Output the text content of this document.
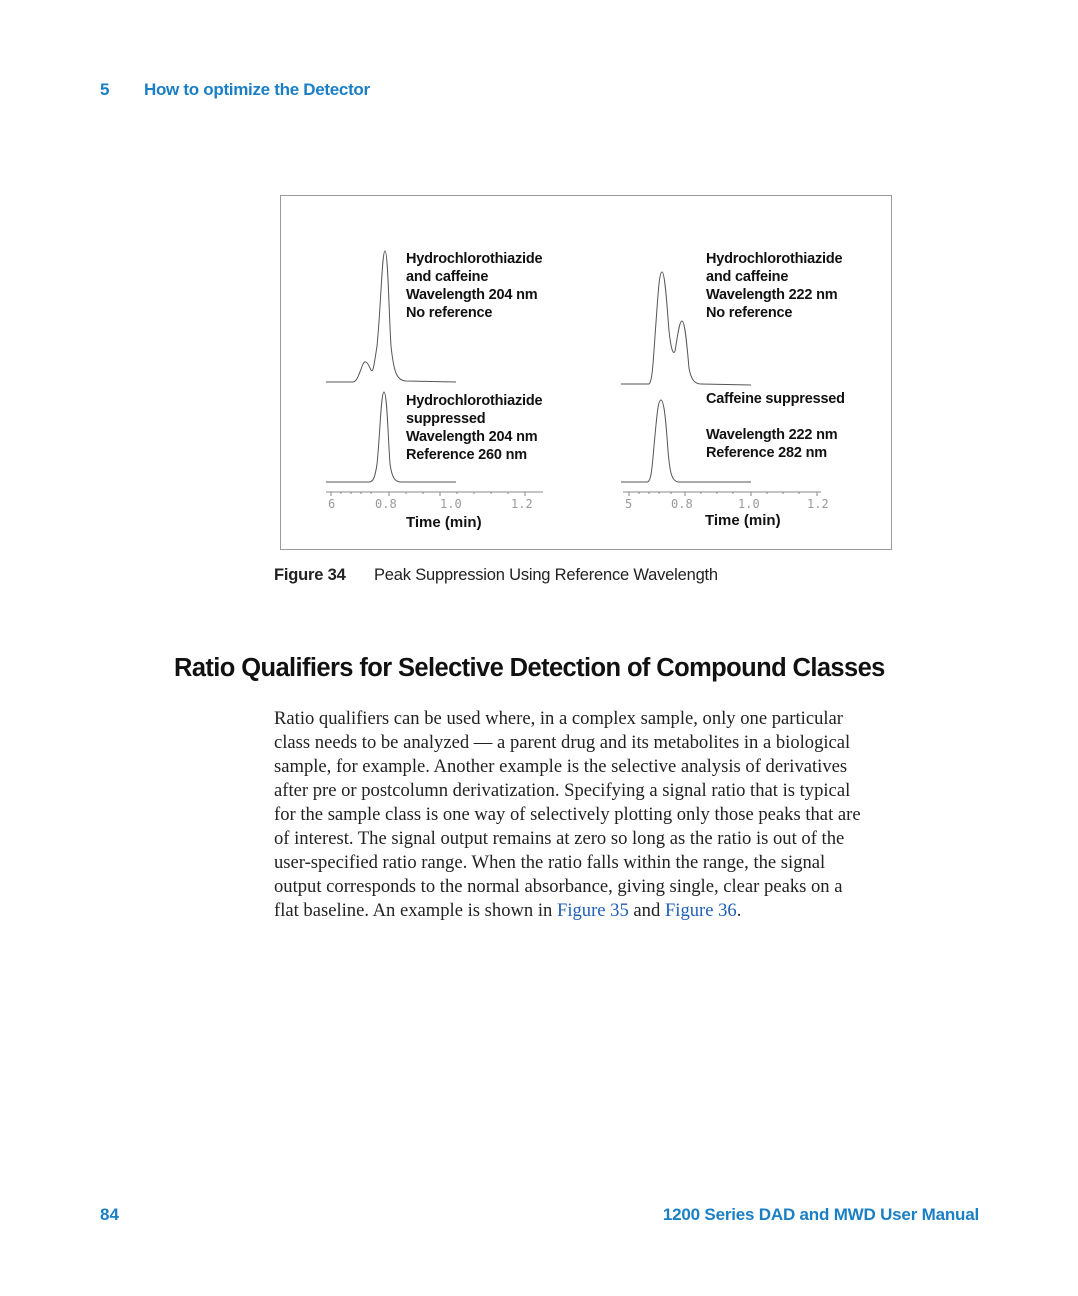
5 How to optimize the Detector
6	0.8	1.0	1.2	5	0.8	1.0	1.2
Hydrochlorothiazide
and caffeine
Wavelength 204 nm
No reference
Hydrochlorothiazide
suppressed
Wavelength 204 nm
Reference 260 nm
Hydrochlorothiazide
and caffeine
Wavelength 222 nm
No reference
Caffeine suppressed
Wavelength 222 nm
Reference 282 nm
Time (min)	Time (min)
Figure 34 Peak Suppression Using Reference Wavelength
Ratio Qualifiers for Selective Detection of Compound Classes
Ratio qualifiers can be used where, in a complex sample, only one particular
class needs to be analyzed — a parent drug and its metabolites in a biological
sample, for example. Another example is the selective analysis of derivatives
after pre or postcolumn derivatization. Specifying a signal ratio that is typical
for the sample class is one way of selectively plotting only those peaks that are
of interest. The signal output remains at zero so long as the ratio is out of the
user-specified ratio range. When the ratio falls within the range, the signal
output corresponds to the normal absorbance, giving single, clear peaks on a
flat baseline. An example is shown in Figure 35 and Figure 36.
84	1200 Series DAD and MWD User Manual
